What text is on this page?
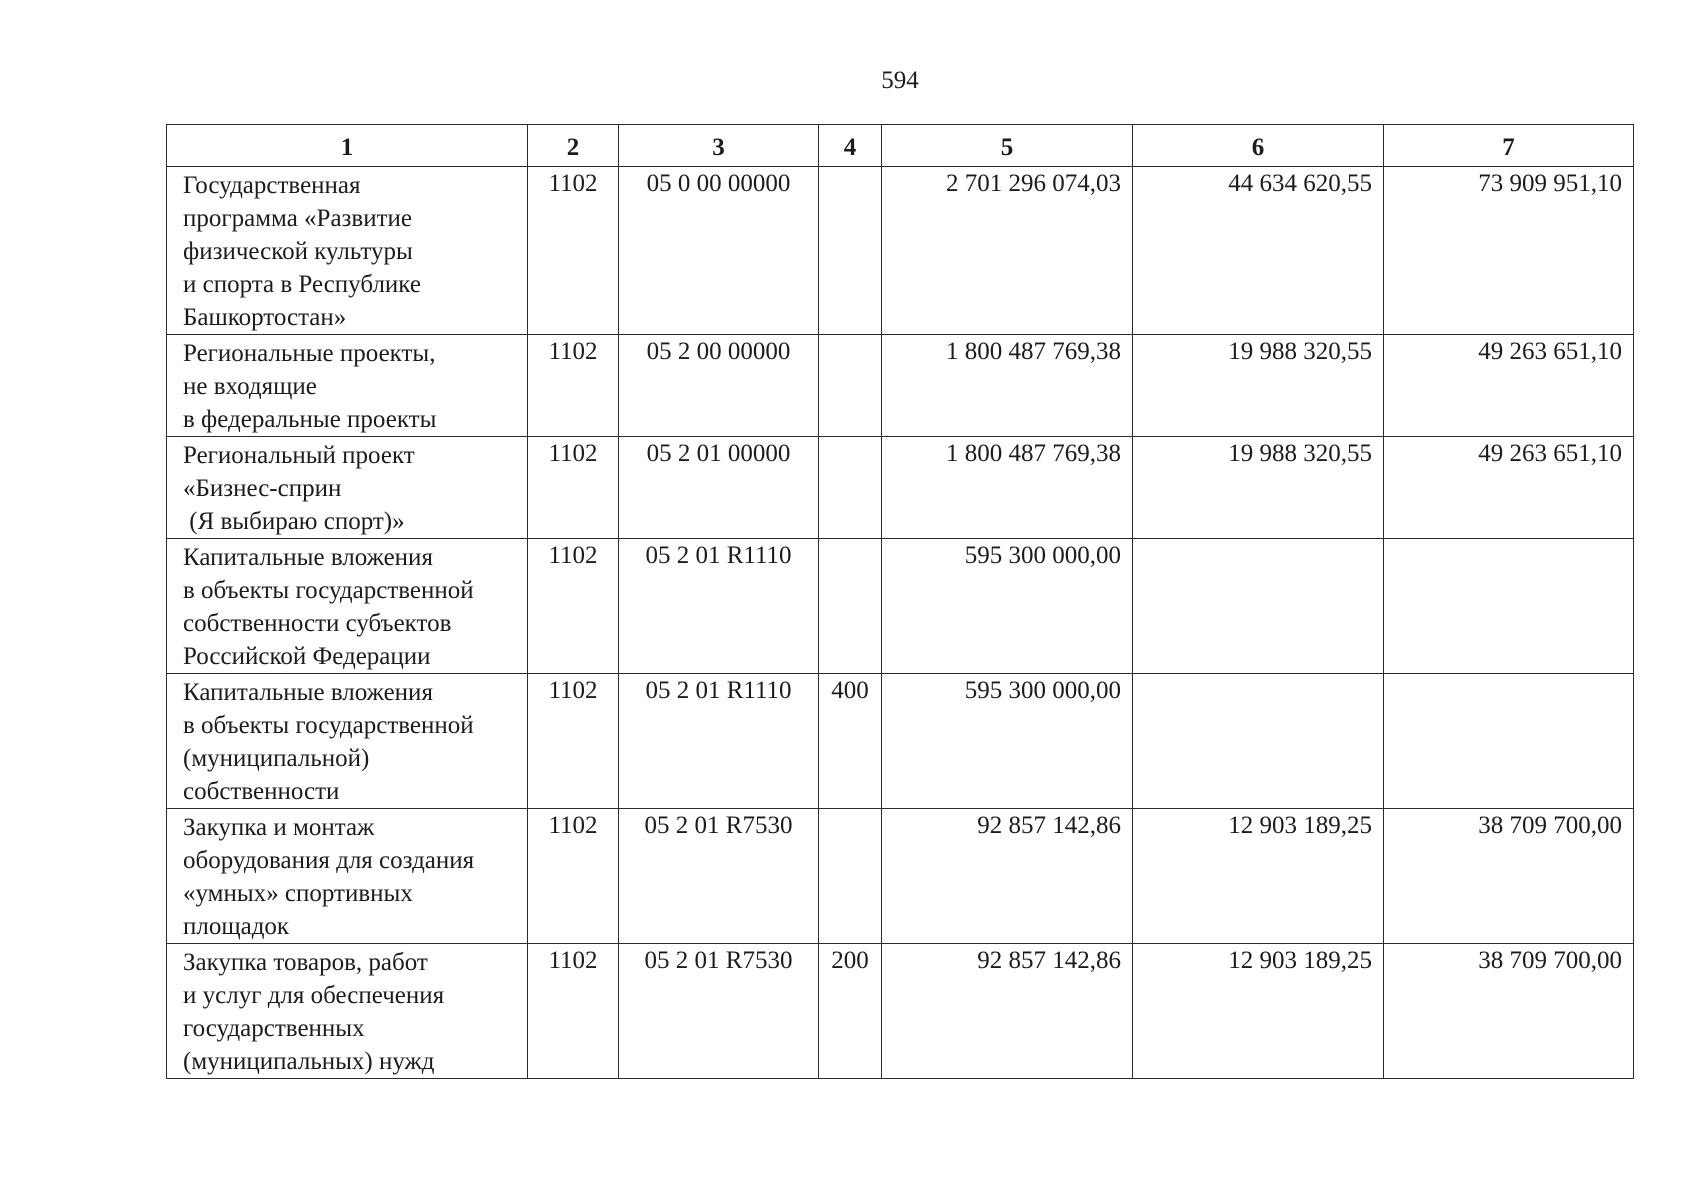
594
1	2	3	4	5	6	7

Государственная
программа «Развитие
физической культуры
и спорта в Республике
Башкортостан»	1102	05 0 00 00000		2 701 296 074,03	44 634 620,55	73 909 951,10

Региональные проекты,
не входящие
в федеральные проекты	1102	05 2 00 00000		1 800 487 769,38	19 988 320,55	49 263 651,10

Региональный проект
«Бизнес-сприн
(Я выбираю спорт)»	1102	05 2 01 00000		1 800 487 769,38	19 988 320,55	49 263 651,10

Капитальные вложения
в объекты государственной
собственности субъектов
Российской Федерации	1102	05 2 01 R1110		595 300 000,00		

Капитальные вложения
в объекты государственной
(муниципальной)
собственности	1102	05 2 01 R1110	400	595 300 000,00		

Закупка и монтаж
оборудования для создания
«умных» спортивных
площадок	1102	05 2 01 R7530		92 857 142,86	12 903 189,25	38 709 700,00

Закупка товаров, работ
и услуг для обеспечения
государственных
(муниципальных) нужд	1102	05 2 01 R7530	200	92 857 142,86	12 903 189,25	38 709 700,00
